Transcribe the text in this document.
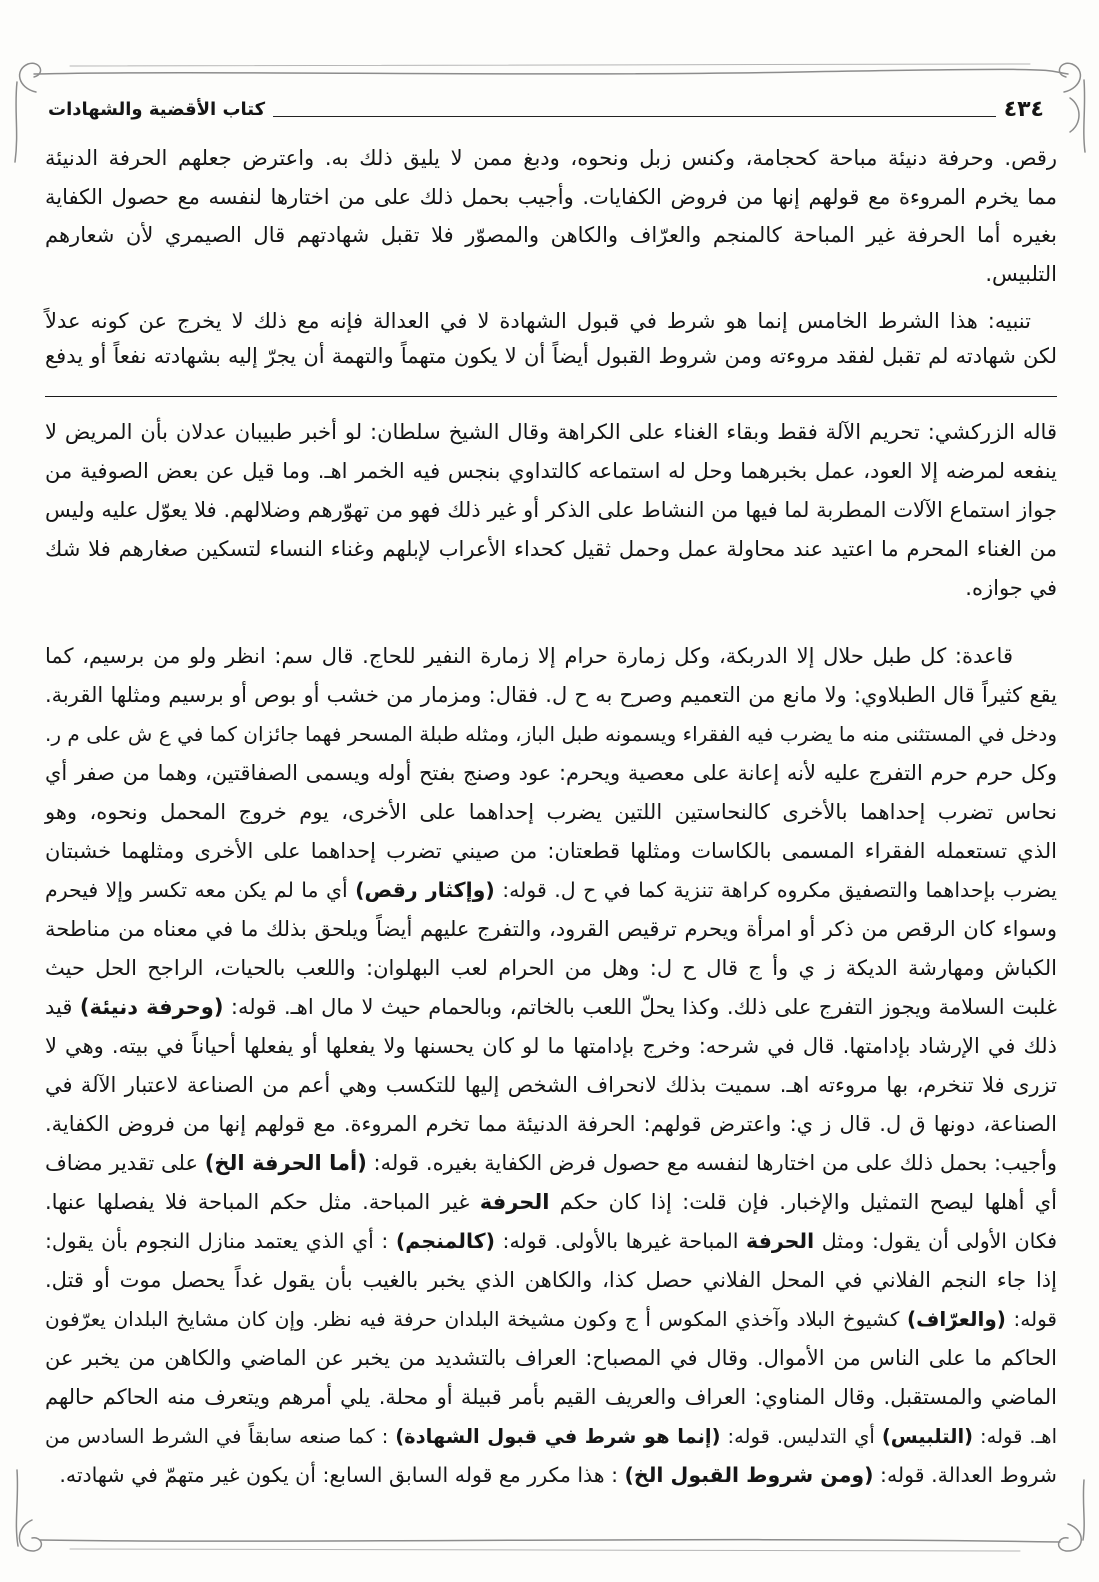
٤٣٤
كتاب الأقضية والشهادات
رقص. وحرفة دنيئة مباحة كحجامة، وكنس زبل ونحوه، ودبغ ممن لا يليق ذلك به. واعترض جعلهم الحرفة الدنيئة
مما يخرم المروءة مع قولهم إنها من فروض الكفايات. وأجيب بحمل ذلك على من اختارها لنفسه مع حصول الكفاية
بغيره أما الحرفة غير المباحة كالمنجم والعرّاف والكاهن والمصوّر فلا تقبل شهادتهم قال الصيمري لأن شعارهم
التلبيس.
تنبيه: هذا الشرط الخامس إنما هو شرط في قبول الشهادة لا في العدالة فإنه مع ذلك لا يخرج عن كونه عدلاً
لكن شهادته لم تقبل لفقد مروءته ومن شروط القبول أيضاً أن لا يكون متهماً والتهمة أن يجرّ إليه بشهادته نفعاً أو يدفع
قاله الزركشي: تحريم الآلة فقط وبقاء الغناء على الكراهة وقال الشيخ سلطان: لو أخبر طبيبان عدلان بأن المريض لا
ينفعه لمرضه إلا العود، عمل بخبرهما وحل له استماعه كالتداوي بنجس فيه الخمر اهـ. وما قيل عن بعض الصوفية من
جواز استماع الآلات المطربة لما فيها من النشاط على الذكر أو غير ذلك فهو من تهوّرهم وضلالهم. فلا يعوّل عليه وليس
من الغناء المحرم ما اعتيد عند محاولة عمل وحمل ثقيل كحداء الأعراب لإبلهم وغناء النساء لتسكين صغارهم فلا شك
في جوازه.
قاعدة: كل طبل حلال إلا الدربكة، وكل زمارة حرام إلا زمارة النفير للحاج. قال سم: انظر ولو من برسيم، كما
يقع كثيراً قال الطبلاوي: ولا مانع من التعميم وصرح به ح ل. فقال: ومزمار من خشب أو بوص أو برسيم ومثلها القربة.
ودخل في المستثنى منه ما يضرب فيه الفقراء ويسمونه طبل الباز، ومثله طبلة المسحر فهما جائزان كما في ع ش على م ر.
وكل حرم حرم التفرج عليه لأنه إعانة على معصية ويحرم: عود وصنج بفتح أوله ويسمى الصفاقتين، وهما من صفر أي
نحاس تضرب إحداهما بالأخرى كالنحاستين اللتين يضرب إحداهما على الأخرى، يوم خروج المحمل ونحوه، وهو
الذي تستعمله الفقراء المسمى بالكاسات ومثلها قطعتان: من صيني تضرب إحداهما على الأخرى ومثلهما خشبتان
يضرب بإحداهما والتصفيق مكروه كراهة تنزية كما في ح ل. قوله: (وإكثار رقص) أي ما لم يكن معه تكسر وإلا فيحرم
وسواء كان الرقص من ذكر أو امرأة ويحرم ترقيص القرود، والتفرج عليهم أيضاً ويلحق بذلك ما في معناه من مناطحة
الكباش ومهارشة الديكة ز ي وأ ج قال ح ل: وهل من الحرام لعب البهلوان: واللعب بالحيات، الراجح الحل حيث
غلبت السلامة ويجوز التفرج على ذلك. وكذا يحلّ اللعب بالخاتم، وبالحمام حيث لا مال اهـ. قوله: (وحرفة دنيئة) قيد
ذلك في الإرشاد بإدامتها. قال في شرحه: وخرج بإدامتها ما لو كان يحسنها ولا يفعلها أو يفعلها أحياناً في بيته. وهي لا
تزرى فلا تنخرم، بها مروءته اهـ. سميت بذلك لانحراف الشخص إليها للتكسب وهي أعم من الصناعة لاعتبار الآلة في
الصناعة، دونها ق ل. قال ز ي: واعترض قولهم: الحرفة الدنيئة مما تخرم المروءة. مع قولهم إنها من فروض الكفاية.
وأجيب: بحمل ذلك على من اختارها لنفسه مع حصول فرض الكفاية بغيره. قوله: (أما الحرفة الخ) على تقدير مضاف
أي أهلها ليصح التمثيل والإخبار. فإن قلت: إذا كان حكم الحرفة غير المباحة. مثل حكم المباحة فلا يفصلها عنها.
فكان الأولى أن يقول: ومثل الحرفة المباحة غيرها بالأولى. قوله: (كالمنجم) : أي الذي يعتمد منازل النجوم بأن يقول:
إذا جاء النجم الفلاني في المحل الفلاني حصل كذا، والكاهن الذي يخبر بالغيب بأن يقول غداً يحصل موت أو قتل.
قوله: (والعرّاف) كشيوخ البلاد وآخذي المكوس أ ج وكون مشيخة البلدان حرفة فيه نظر. وإن كان مشايخ البلدان يعرّفون
الحاكم ما على الناس من الأموال. وقال في المصباح: العراف بالتشديد من يخبر عن الماضي والكاهن من يخبر عن
الماضي والمستقبل. وقال المناوي: العراف والعريف القيم بأمر قبيلة أو محلة. يلي أمرهم ويتعرف منه الحاكم حالهم
اهـ. قوله: (التلبيس) أي التدليس. قوله: (إنما هو شرط في قبول الشهادة) : كما صنعه سابقاً في الشرط السادس من
شروط العدالة. قوله: (ومن شروط القبول الخ) : هذا مكرر مع قوله السابق السابع: أن يكون غير متهمّ في شهادته.
